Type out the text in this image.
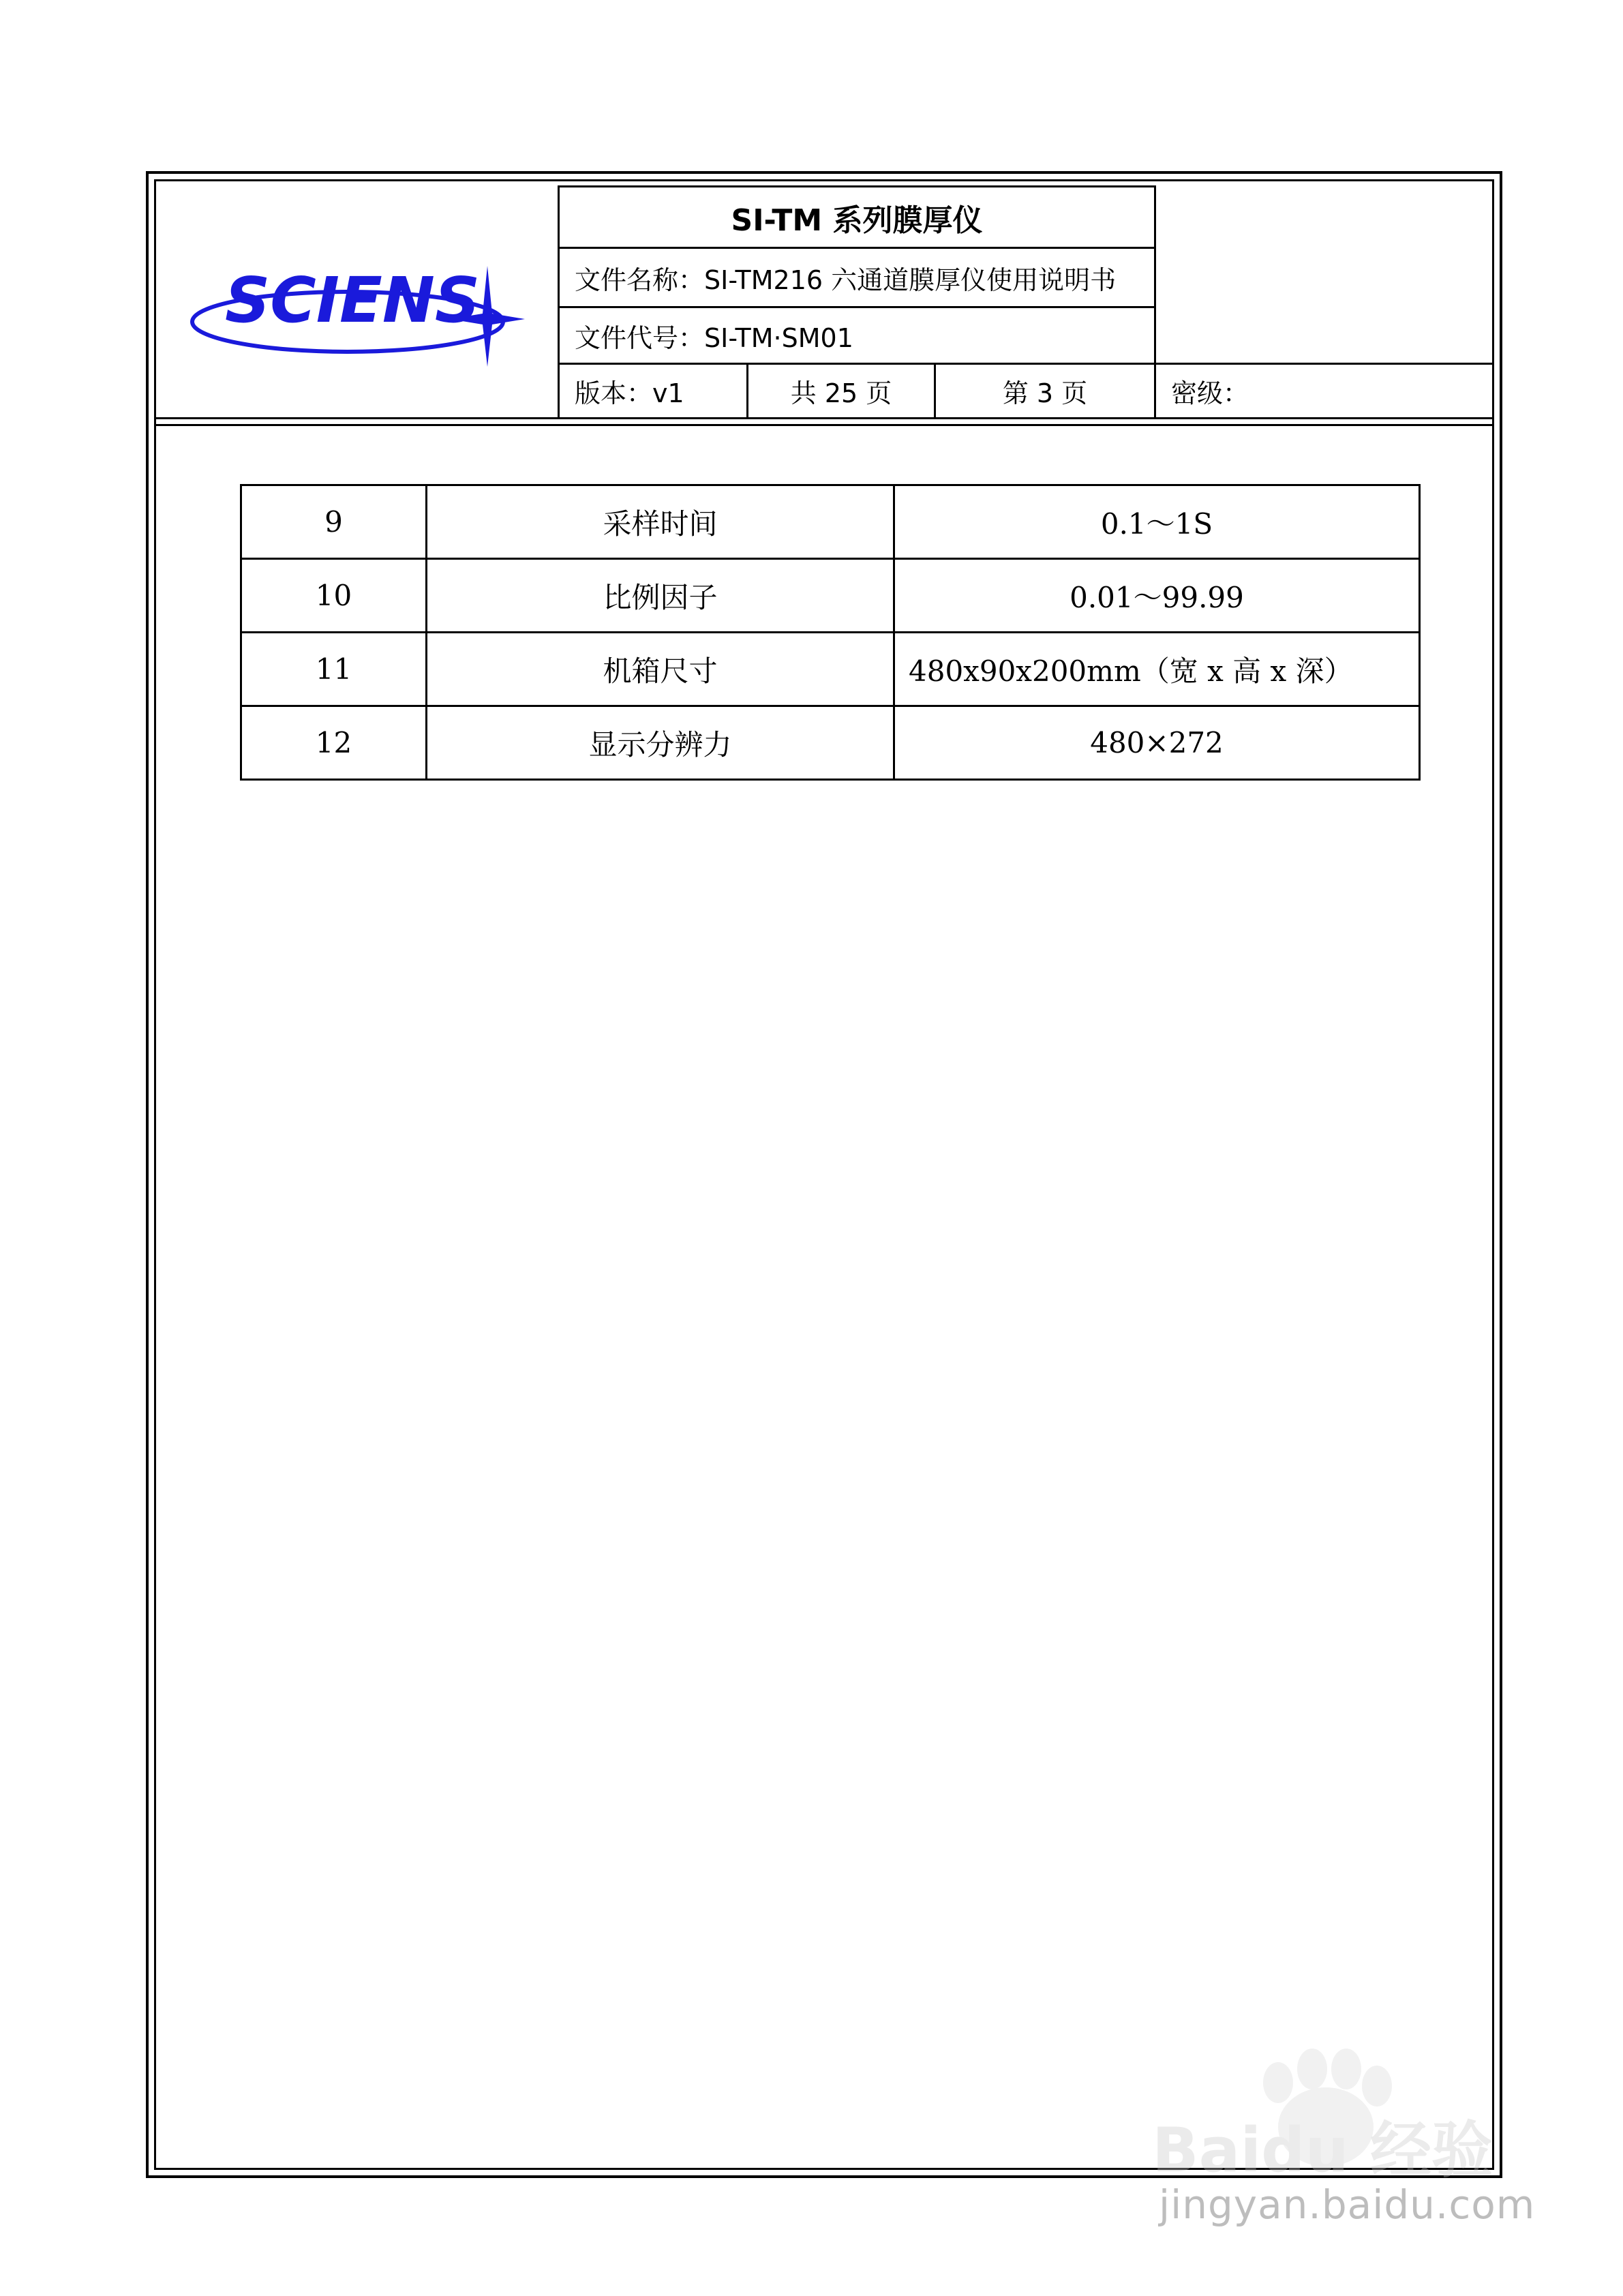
SCIENS
SI-TM 系列膜厚仪
文件名称：SI-TM216 六通道膜厚仪使用说明书
文件代号：SI-TM·SM01
版本：v1	共 25 页	第 3 页	密级：
9	采样时间	0.1～1S
10	比例因子	0.01～99.99
11	机箱尺寸	480x90x200mm（宽 x 高 x 深）
12	显示分辨力	480×272
Baidu 经验
jingyan.baidu.com
